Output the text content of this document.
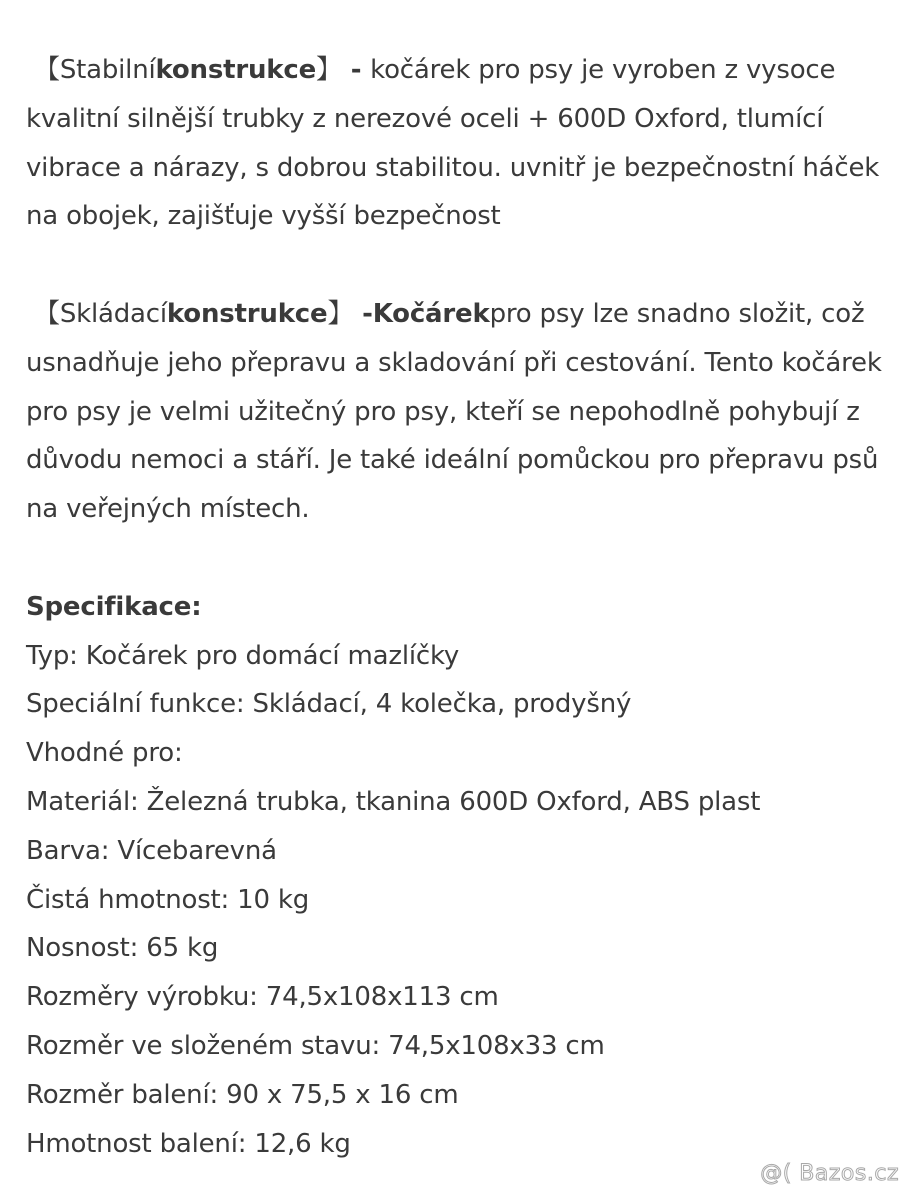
【Stabilníkonstrukce】 - kočárek pro psy je vyroben z vysoce kvalitní silnější trubky z nerezové oceli + 600D Oxford, tlumící vibrace a nárazy, s dobrou stabilitou. uvnitř je bezpečnostní háček na obojek, zajišťuje vyšší bezpečnost

【Skládacíkonstrukce】 -Kočárekpro psy lze snadno složit, což usnadňuje jeho přepravu a skladování při cestování. Tento kočárek pro psy je velmi užitečný pro psy, kteří se nepohodlně pohybují z důvodu nemoci a stáří. Je také ideální pomůckou pro přepravu psů na veřejných místech.

Specifikace:

Typ: Kočárek pro domácí mazlíčky

Speciální funkce: Skládací, 4 kolečka, prodyšný

Vhodné pro:

Materiál: Železná trubka, tkanina 600D Oxford, ABS plast

Barva: Vícebarevná

Čistá hmotnost: 10 kg

Nosnost: 65 kg

Rozměry výrobku: 74,5x108x113 cm

Rozměr ve složeném stavu: 74,5x108x33 cm

Rozměr balení: 90 x 75,5 x 16 cm

Hmotnost balení: 12,6 kg

@( Bazos.cz
